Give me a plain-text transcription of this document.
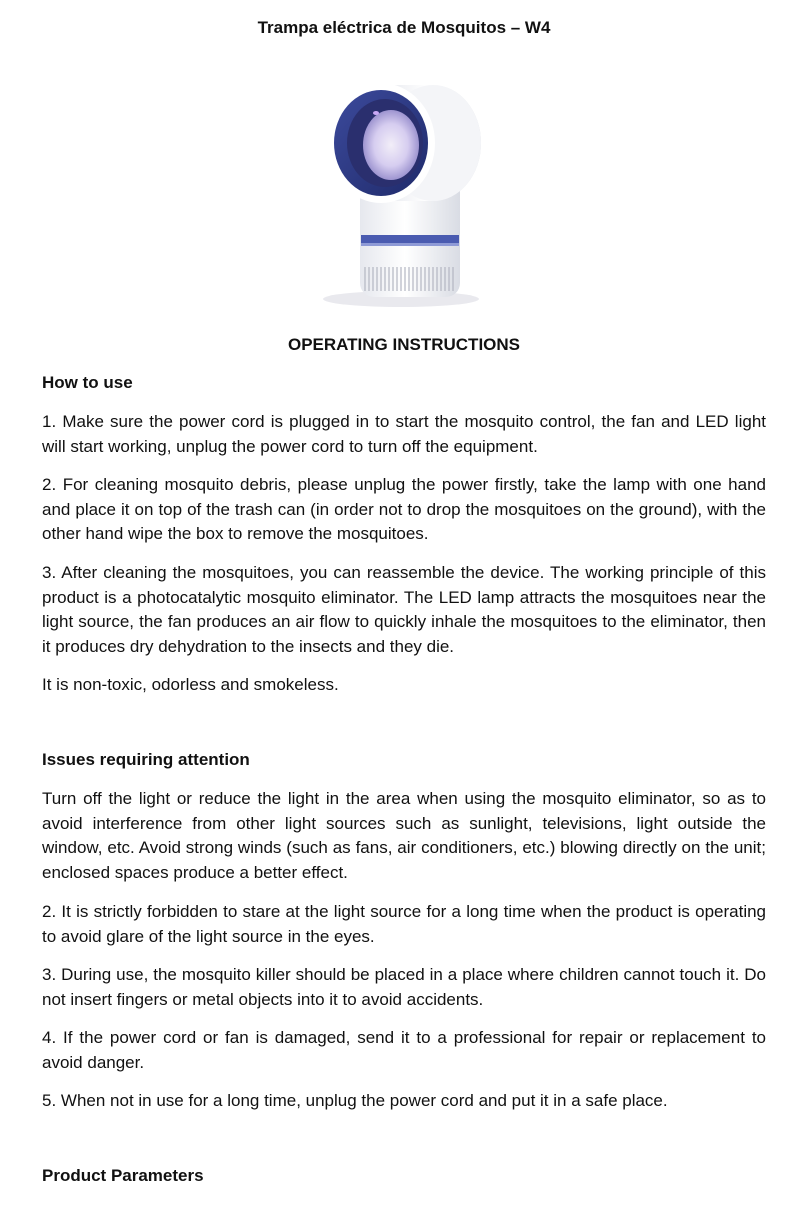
Trampa eléctrica de Mosquitos – W4
OPERATING INSTRUCTIONS
How to use

1. Make sure the power cord is plugged in to start the mosquito control, the fan and LED light will start working, unplug the power cord to turn off the equipment.

2. For cleaning mosquito debris, please unplug the power firstly, take the lamp with one hand and place it on top of the trash can (in order not to drop the mosquitoes on the ground), with the other hand wipe the box to remove the mosquitoes.

3. After cleaning the mosquitoes, you can reassemble the device. The working principle of this product is a photocatalytic mosquito eliminator. The LED lamp attracts the mosquitoes near the light source, the fan produces an air flow to quickly inhale the mosquitoes to the eliminator, then it produces dry dehydration to the insects and they die.

It is non-toxic, odorless and smokeless.

Issues requiring attention

Turn off the light or reduce the light in the area when using the mosquito eliminator, so as to avoid interference from other light sources such as sunlight, televisions, light outside the window, etc. Avoid strong winds (such as fans, air conditioners, etc.) blowing directly on the unit; enclosed spaces produce a better effect.

2. It is strictly forbidden to stare at the light source for a long time when the product is operating to avoid glare of the light source in the eyes.

3. During use, the mosquito killer should be placed in a place where children cannot touch it. Do not insert fingers or metal objects into it to avoid accidents.

4. If the power cord or fan is damaged, send it to a professional for repair or replacement to avoid danger.

5. When not in use for a long time, unplug the power cord and put it in a safe place.

Product Parameters
